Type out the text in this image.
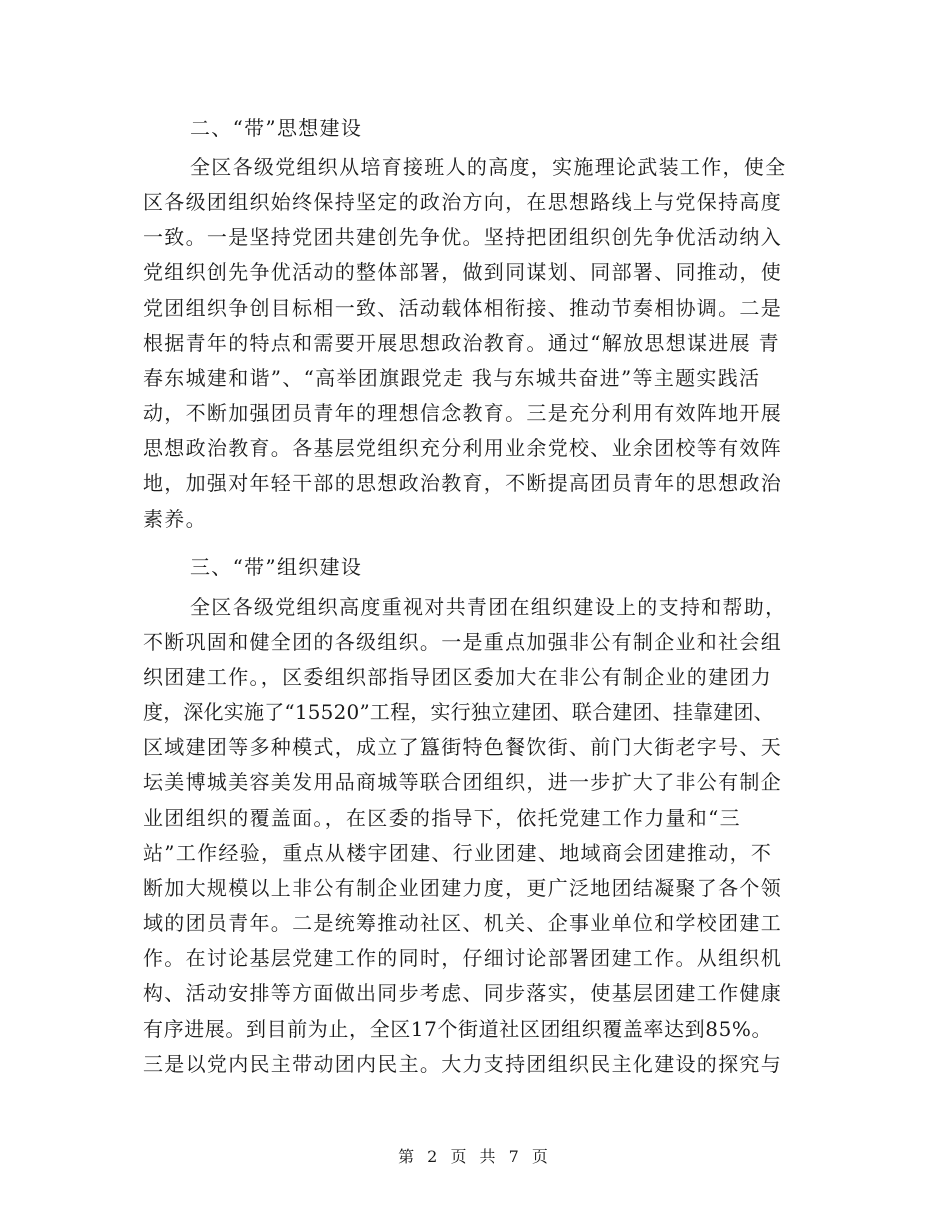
二、“带”思想建设
全区各级党组织从培育接班人的高度，实施理论武装工作，使全
区各级团组织始终保持坚定的政治方向，在思想路线上与党保持高度
一致。一是坚持党团共建创先争优。坚持把团组织创先争优活动纳入
党组织创先争优活动的整体部署，做到同谋划、同部署、同推动，使
党团组织争创目标相一致、活动载体相衔接、推动节奏相协调。二是
根据青年的特点和需要开展思想政治教育。通过“解放思想谋进展 青
春东城建和谐”、“高举团旗跟党走 我与东城共奋进”等主题实践活
动，不断加强团员青年的理想信念教育。三是充分利用有效阵地开展
思想政治教育。各基层党组织充分利用业余党校、业余团校等有效阵
地，加强对年轻干部的思想政治教育，不断提高团员青年的思想政治
素养。
三、“带”组织建设
全区各级党组织高度重视对共青团在组织建设上的支持和帮助，
不断巩固和健全团的各级组织。一是重点加强非公有制企业和社会组
织团建工作。，区委组织部指导团区委加大在非公有制企业的建团力
度，深化实施了“15520”工程，实行独立建团、联合建团、挂靠建团、
区域建团等多种模式，成立了簋街特色餐饮街、前门大街老字号、天
坛美博城美容美发用品商城等联合团组织，进一步扩大了非公有制企
业团组织的覆盖面。，在区委的指导下，依托党建工作力量和“三
站”工作经验，重点从楼宇团建、行业团建、地域商会团建推动，不
断加大规模以上非公有制企业团建力度，更广泛地团结凝聚了各个领
域的团员青年。二是统筹推动社区、机关、企事业单位和学校团建工
作。在讨论基层党建工作的同时，仔细讨论部署团建工作。从组织机
构、活动安排等方面做出同步考虑、同步落实，使基层团建工作健康
有序进展。到目前为止，全区17个街道社区团组织覆盖率达到85%。
三是以党内民主带动团内民主。大力支持团组织民主化建设的探究与
第 2 页 共 7 页
